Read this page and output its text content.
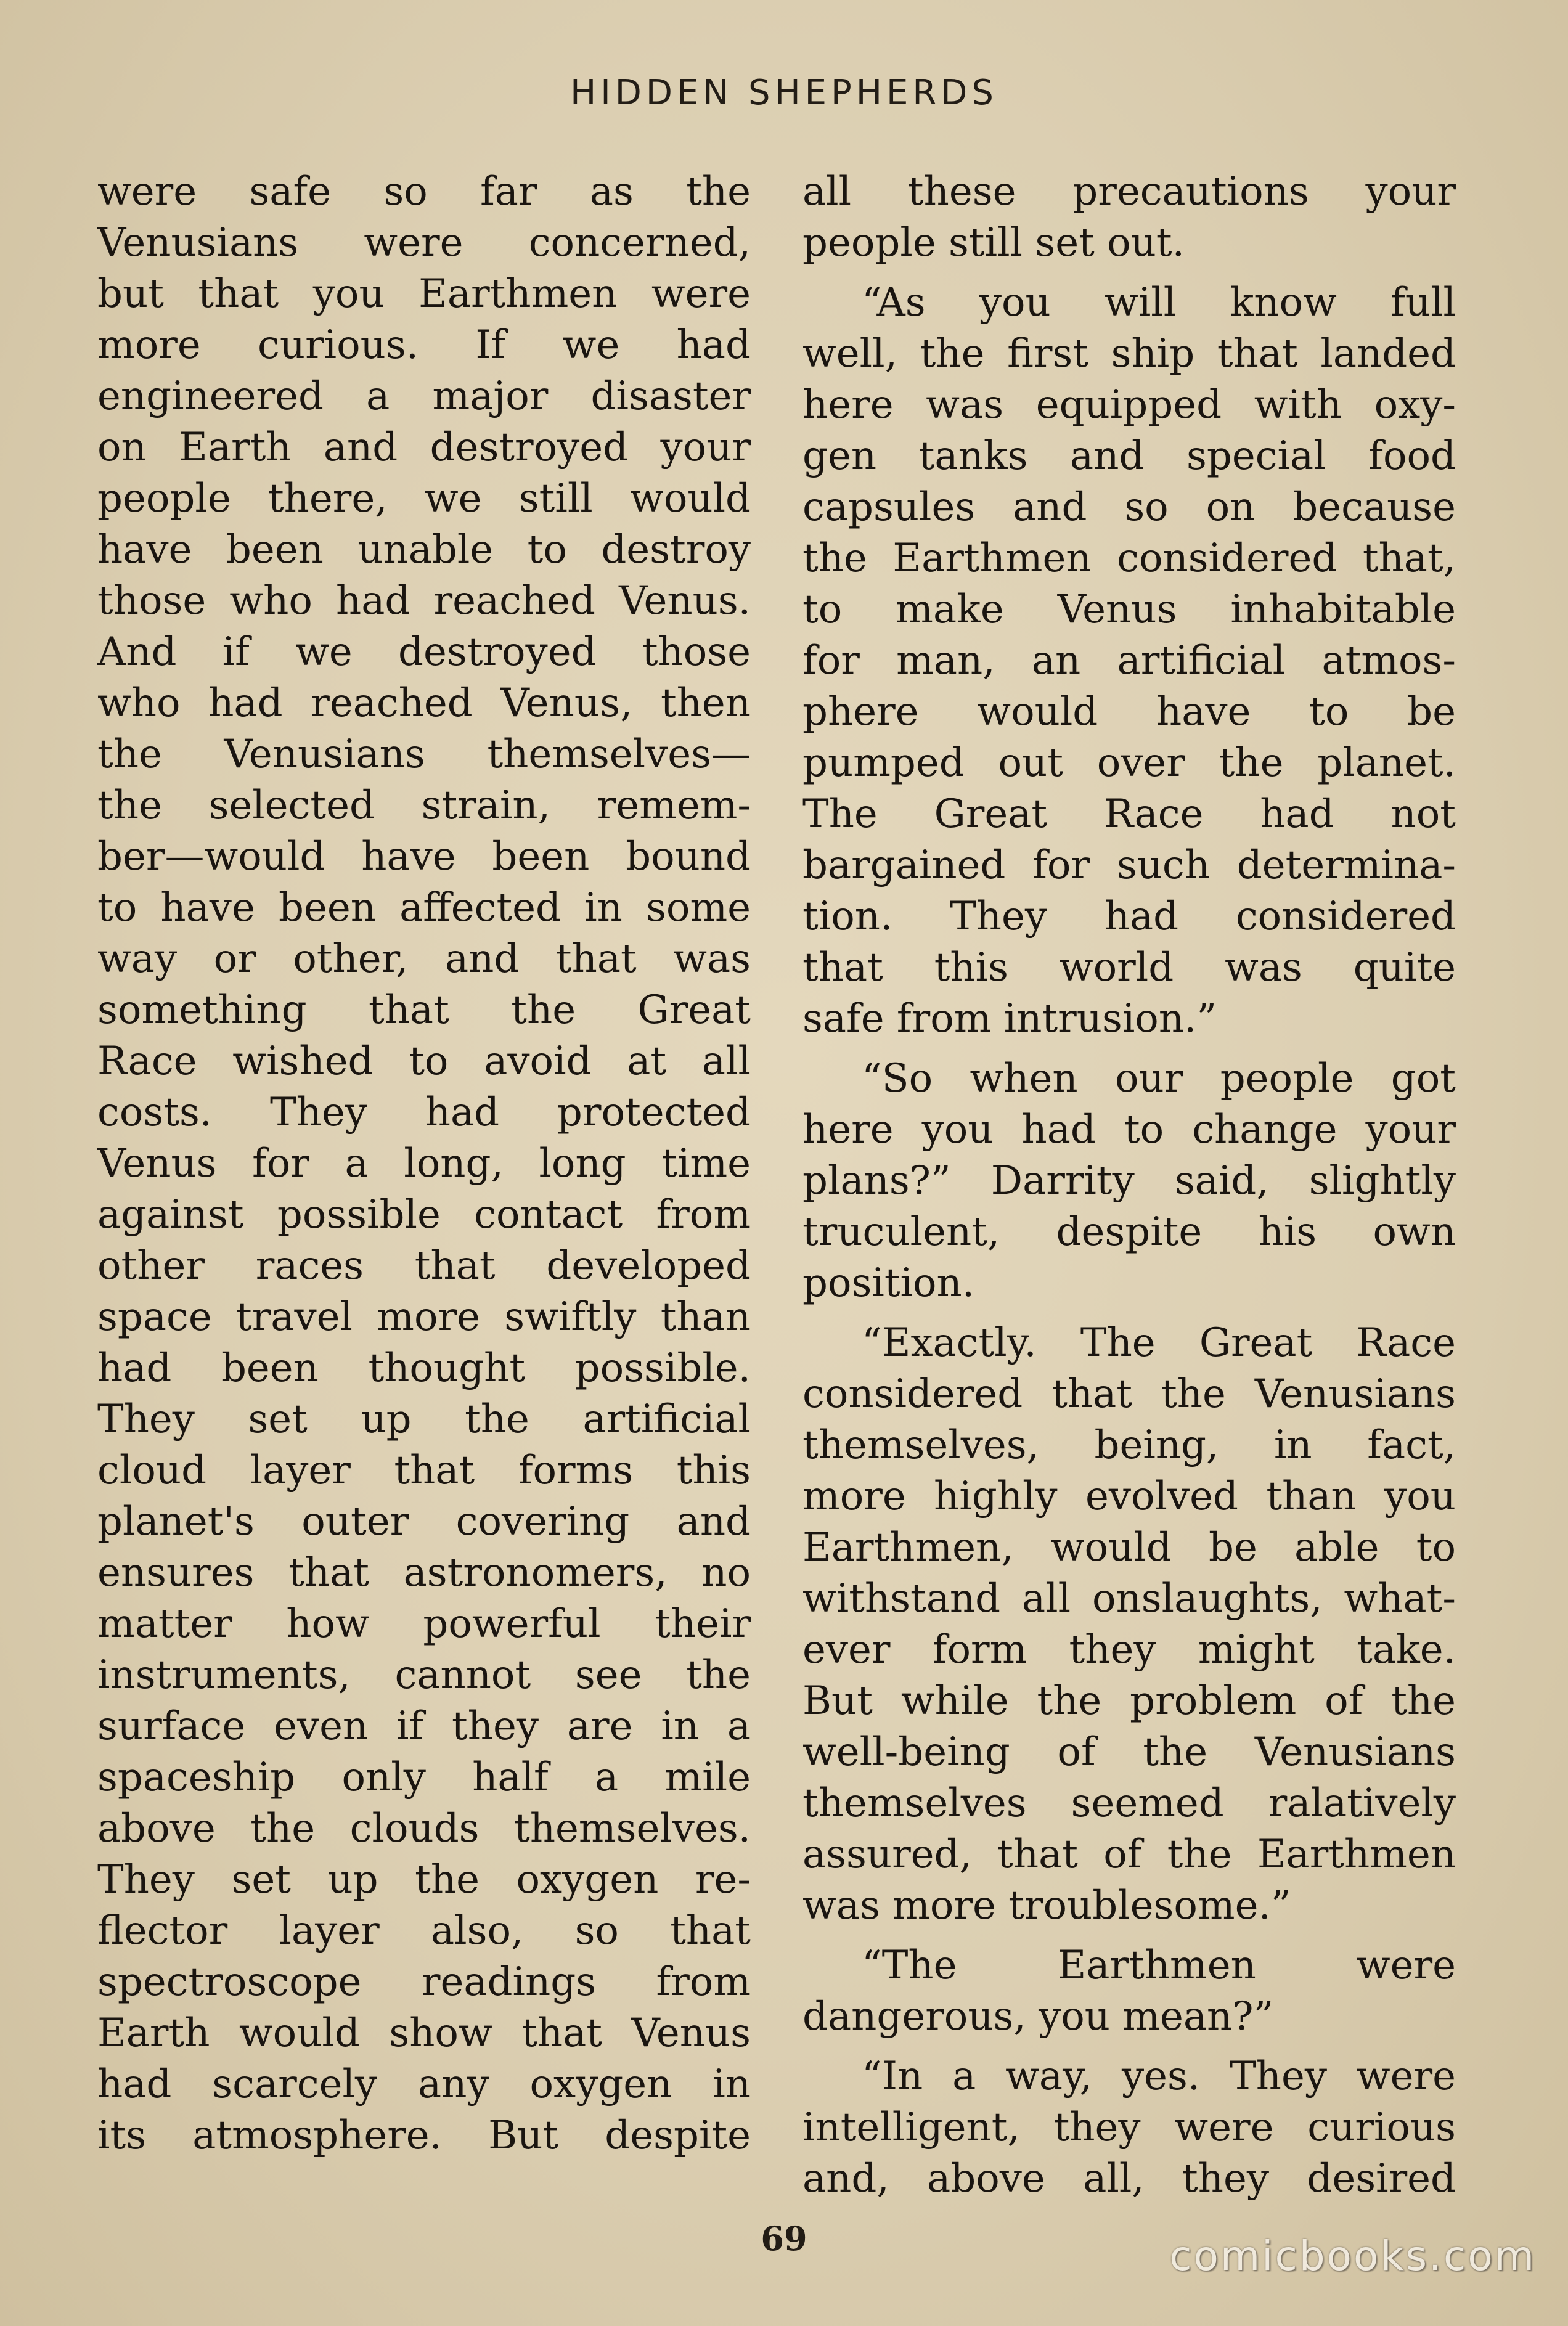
HIDDEN SHEPHERDS
were safe so far as the
Venusians were concerned,
but that you Earthmen were
more curious. If we had
engineered a major disaster
on Earth and destroyed your
people there, we still would
have been unable to destroy
those who had reached Venus.
And if we destroyed those
who had reached Venus, then
the Venusians themselves—
the selected strain, remem-
ber—would have been bound
to have been affected in some
way or other, and that was
something that the Great
Race wished to avoid at all
costs. They had protected
Venus for a long, long time
against possible contact from
other races that developed
space travel more swiftly than
had been thought possible.
They set up the artificial
cloud layer that forms this
planet's outer covering and
ensures that astronomers, no
matter how powerful their
instruments, cannot see the
surface even if they are in a
spaceship only half a mile
above the clouds themselves.
They set up the oxygen re-
flector layer also, so that
spectroscope readings from
Earth would show that Venus
had scarcely any oxygen in
its atmosphere. But despite
all these precautions your
people still set out.
“As you will know full
well, the first ship that landed
here was equipped with oxy-
gen tanks and special food
capsules and so on because
the Earthmen considered that,
to make Venus inhabitable
for man, an artificial atmos-
phere would have to be
pumped out over the planet.
The Great Race had not
bargained for such determina-
tion. They had considered
that this world was quite
safe from intrusion.”
“So when our people got
here you had to change your
plans?” Darrity said, slightly
truculent, despite his own
position.
“Exactly. The Great Race
considered that the Venusians
themselves, being, in fact,
more highly evolved than you
Earthmen, would be able to
withstand all onslaughts, what-
ever form they might take.
But while the problem of the
well-being of the Venusians
themselves seemed ralatively
assured, that of the Earthmen
was more troublesome.”
“The Earthmen were
dangerous, you mean?”
“In a way, yes. They were
intelligent, they were curious
and, above all, they desired
69	comicbooks.com
